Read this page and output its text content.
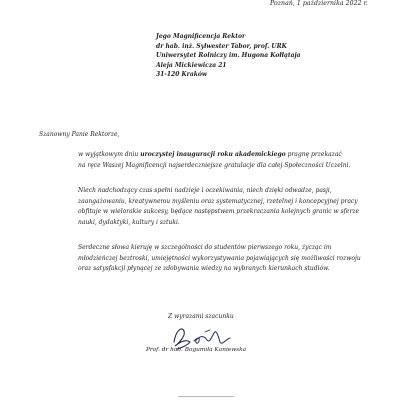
Poznań, 1 października 2022 r.
Jego Magnificencja Rektor
dr hab. inż. Sylwester Tabor, prof. URK
Uniwersytet Rolniczy im. Hugona Kołłątaja
Aleja Mickiewicza 21
31-120 Kraków
Szanowny Panie Rektorze,
w wyjątkowym dniu uroczystej inauguracji roku akademickiego pragnę przekazać
na ręce Waszej Magnificencji najserdeczniejsze gratulacje dla całej Społeczności Uczelni.
Niech nadchodzący czas spełni nadzieje i oczekiwania, niech dzięki odwadze, pasji,
zaangażowaniu, kreatywnemu myśleniu oraz systematycznej, rzetelnej i koncepcyjnej pracy
obfituje w wielorakie sukcesy, będące następstwem przekraczania kolejnych granic w sferze
nauki, dydaktyki, kultury i sztuki.
Serdeczne słowa kieruję w szczególności do studentów pierwszego roku, życząc im
młodzieńczej beztroski, umiejętności wykorzystywania pojawiających się możliwości rozwoju
oraz satysfakcji płynącej ze zdobywania wiedzy na wybranych kierunkach studiów.
Z wyrazami szacunku
Prof. dr hab. Bogumiła Kaniewska
